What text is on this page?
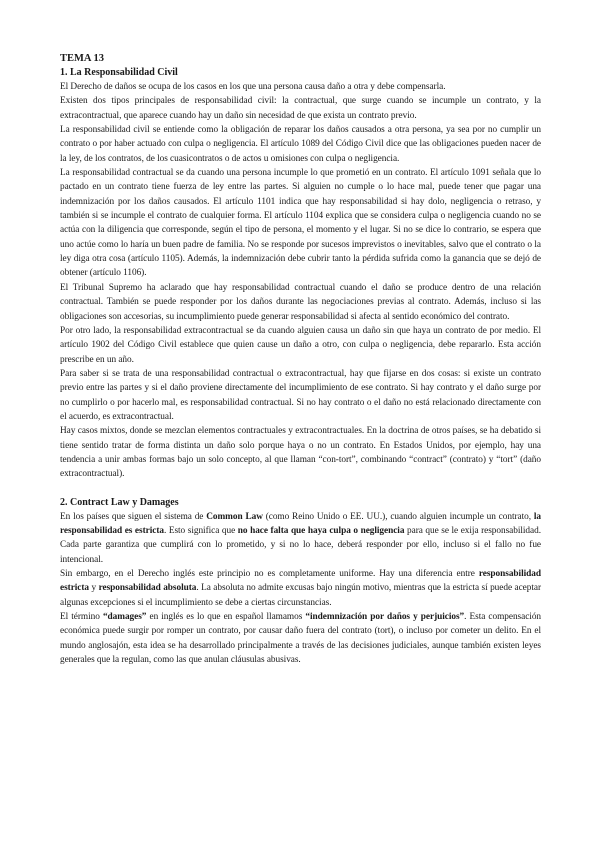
TEMA 13

1. La Responsabilidad Civil

El Derecho de daños se ocupa de los casos en los que una persona causa daño a otra y debe compensarla.

Existen dos tipos principales de responsabilidad civil: la contractual, que surge cuando se incumple un contrato, y la extracontractual, que aparece cuando hay un daño sin necesidad de que exista un contrato previo.

La responsabilidad civil se entiende como la obligación de reparar los daños causados a otra persona, ya sea por no cumplir un contrato o por haber actuado con culpa o negligencia. El artículo 1089 del Código Civil dice que las obligaciones pueden nacer de la ley, de los contratos, de los cuasicontratos o de actos u omisiones con culpa o negligencia.

La responsabilidad contractual se da cuando una persona incumple lo que prometió en un contrato. El artículo 1091 señala que lo pactado en un contrato tiene fuerza de ley entre las partes. Si alguien no cumple o lo hace mal, puede tener que pagar una indemnización por los daños causados. El artículo 1101 indica que hay responsabilidad si hay dolo, negligencia o retraso, y también si se incumple el contrato de cualquier forma. El artículo 1104 explica que se considera culpa o negligencia cuando no se actúa con la diligencia que corresponde, según el tipo de persona, el momento y el lugar. Si no se dice lo contrario, se espera que uno actúe como lo haría un buen padre de familia. No se responde por sucesos imprevistos o inevitables, salvo que el contrato o la ley diga otra cosa (artículo 1105). Además, la indemnización debe cubrir tanto la pérdida sufrida como la ganancia que se dejó de obtener (artículo 1106).

El Tribunal Supremo ha aclarado que hay responsabilidad contractual cuando el daño se produce dentro de una relación contractual. También se puede responder por los daños durante las negociaciones previas al contrato. Además, incluso si las obligaciones son accesorias, su incumplimiento puede generar responsabilidad si afecta al sentido económico del contrato.

Por otro lado, la responsabilidad extracontractual se da cuando alguien causa un daño sin que haya un contrato de por medio. El artículo 1902 del Código Civil establece que quien cause un daño a otro, con culpa o negligencia, debe repararlo. Esta acción prescribe en un año.

Para saber si se trata de una responsabilidad contractual o extracontractual, hay que fijarse en dos cosas: si existe un contrato previo entre las partes y si el daño proviene directamente del incumplimiento de ese contrato. Si hay contrato y el daño surge por no cumplirlo o por hacerlo mal, es responsabilidad contractual. Si no hay contrato o el daño no está relacionado directamente con el acuerdo, es extracontractual.

Hay casos mixtos, donde se mezclan elementos contractuales y extracontractuales. En la doctrina de otros países, se ha debatido si tiene sentido tratar de forma distinta un daño solo porque haya o no un contrato. En Estados Unidos, por ejemplo, hay una tendencia a unir ambas formas bajo un solo concepto, al que llaman “con-tort”, combinando “contract” (contrato) y “tort” (daño extracontractual).

2. Contract Law y Damages

En los países que siguen el sistema de Common Law (como Reino Unido o EE. UU.), cuando alguien incumple un contrato, la responsabilidad es estricta. Esto significa que no hace falta que haya culpa o negligencia para que se le exija responsabilidad. Cada parte garantiza que cumplirá con lo prometido, y si no lo hace, deberá responder por ello, incluso si el fallo no fue intencional.

Sin embargo, en el Derecho inglés este principio no es completamente uniforme. Hay una diferencia entre responsabilidad estricta y responsabilidad absoluta. La absoluta no admite excusas bajo ningún motivo, mientras que la estricta sí puede aceptar algunas excepciones si el incumplimiento se debe a ciertas circunstancias.

El término “damages” en inglés es lo que en español llamamos “indemnización por daños y perjuicios”. Esta compensación económica puede surgir por romper un contrato, por causar daño fuera del contrato (tort), o incluso por cometer un delito. En el mundo anglosajón, esta idea se ha desarrollado principalmente a través de las decisiones judiciales, aunque también existen leyes generales que la regulan, como las que anulan cláusulas abusivas.
